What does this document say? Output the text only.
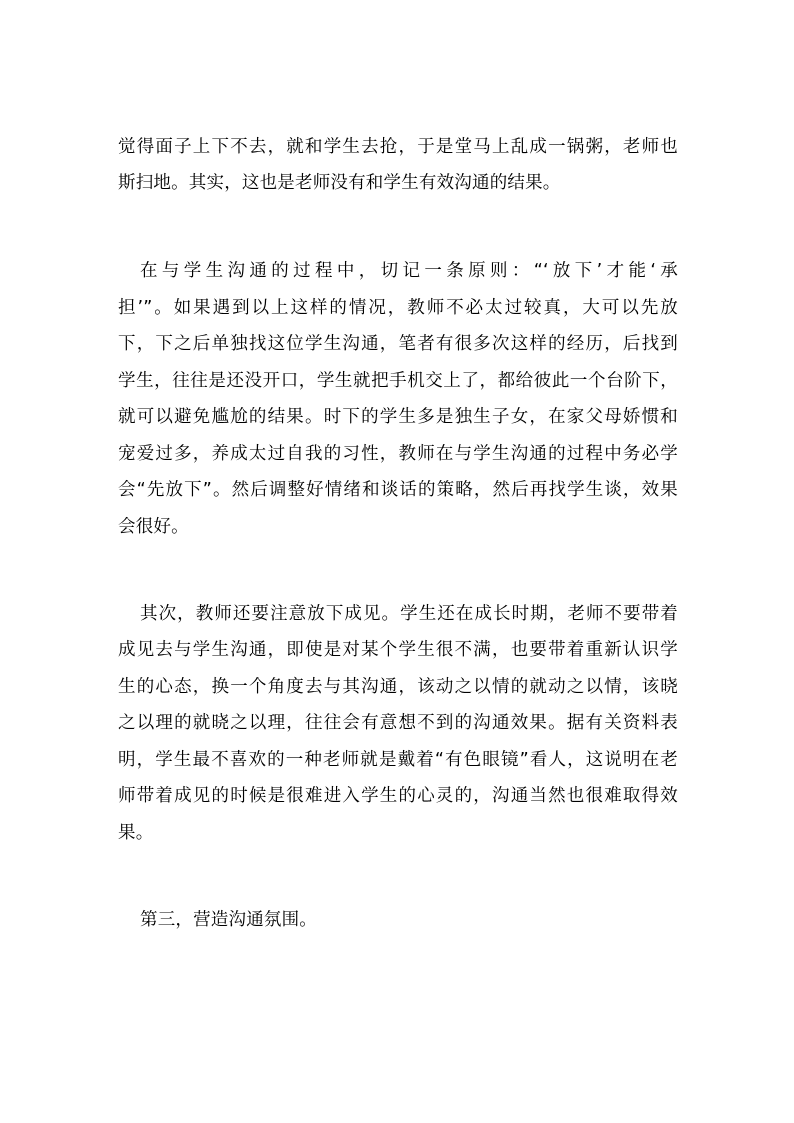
觉得面子上下不去，就和学生去抢，于是堂马上乱成一锅粥，老师也
斯扫地。其实，这也是老师没有和学生有效沟通的结果。
在与学生沟通的过程中，切记一条原则：“‘放下’才能‘承
担’”。如果遇到以上这样的情况，教师不必太过较真，大可以先放
下，下之后单独找这位学生沟通，笔者有很多次这样的经历，后找到
学生，往往是还没开口，学生就把手机交上了，都给彼此一个台阶下，
就可以避免尴尬的结果。时下的学生多是独生子女，在家父母娇惯和
宠爱过多，养成太过自我的习性，教师在与学生沟通的过程中务必学
会“先放下”。然后调整好情绪和谈话的策略，然后再找学生谈，效果
会很好。
其次，教师还要注意放下成见。学生还在成长时期，老师不要带着
成见去与学生沟通，即使是对某个学生很不满，也要带着重新认识学
生的心态，换一个角度去与其沟通，该动之以情的就动之以情，该晓
之以理的就晓之以理，往往会有意想不到的沟通效果。据有关资料表
明，学生最不喜欢的一种老师就是戴着“有色眼镜”看人，这说明在老
师带着成见的时候是很难进入学生的心灵的，沟通当然也很难取得效
果。
第三，营造沟通氛围。
